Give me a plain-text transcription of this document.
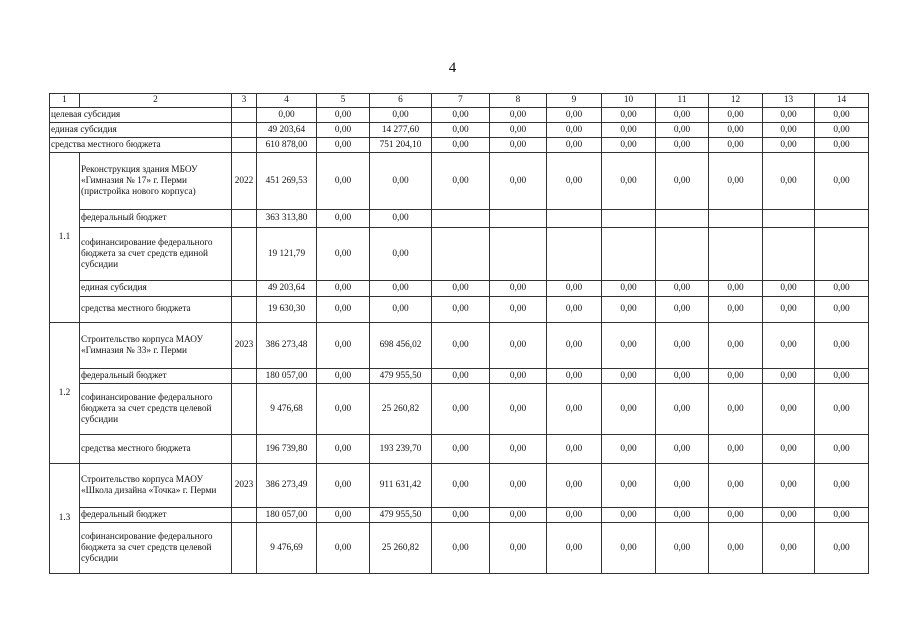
4
1	2	3	4	5	6	7	8	9	10	11	12	13	14
целевая субсидия			0,00	0,00	0,00	0,00	0,00	0,00	0,00	0,00	0,00	0,00	0,00
единая субсидия			49 203,64	0,00	14 277,60	0,00	0,00	0,00	0,00	0,00	0,00	0,00	0,00
средства местного бюджета			610 878,00	0,00	751 204,10	0,00	0,00	0,00	0,00	0,00	0,00	0,00	0,00
1.1	Реконструкция здания МБОУ «Гимназия № 17» г. Перми (пристройка нового корпуса)	2022	451 269,53	0,00	0,00	0,00	0,00	0,00	0,00	0,00	0,00	0,00	0,00
	федеральный бюджет		363 313,80	0,00	0,00								
	софинансирование федерального бюджета за счет средств единой субсидии		19 121,79	0,00	0,00								
	единая субсидия		49 203,64	0,00	0,00	0,00	0,00	0,00	0,00	0,00	0,00	0,00	0,00
	средства местного бюджета		19 630,30	0,00	0,00	0,00	0,00	0,00	0,00	0,00	0,00	0,00	0,00
1.2	Строительство корпуса МАОУ «Гимназия № 33» г. Перми	2023	386 273,48	0,00	698 456,02	0,00	0,00	0,00	0,00	0,00	0,00	0,00	0,00
	федеральный бюджет		180 057,00	0,00	479 955,50	0,00	0,00	0,00	0,00	0,00	0,00	0,00	0,00
	софинансирование федерального бюджета за счет средств целевой субсидии		9 476,68	0,00	25 260,82	0,00	0,00	0,00	0,00	0,00	0,00	0,00	0,00
	средства местного бюджета		196 739,80	0,00	193 239,70	0,00	0,00	0,00	0,00	0,00	0,00	0,00	0,00
1.3	Строительство корпуса МАОУ «Школа дизайна «Точка» г. Перми	2023	386 273,49	0,00	911 631,42	0,00	0,00	0,00	0,00	0,00	0,00	0,00	0,00
	федеральный бюджет		180 057,00	0,00	479 955,50	0,00	0,00	0,00	0,00	0,00	0,00	0,00	0,00
	софинансирование федерального бюджета за счет средств целевой субсидии		9 476,69	0,00	25 260,82	0,00	0,00	0,00	0,00	0,00	0,00	0,00	0,00
